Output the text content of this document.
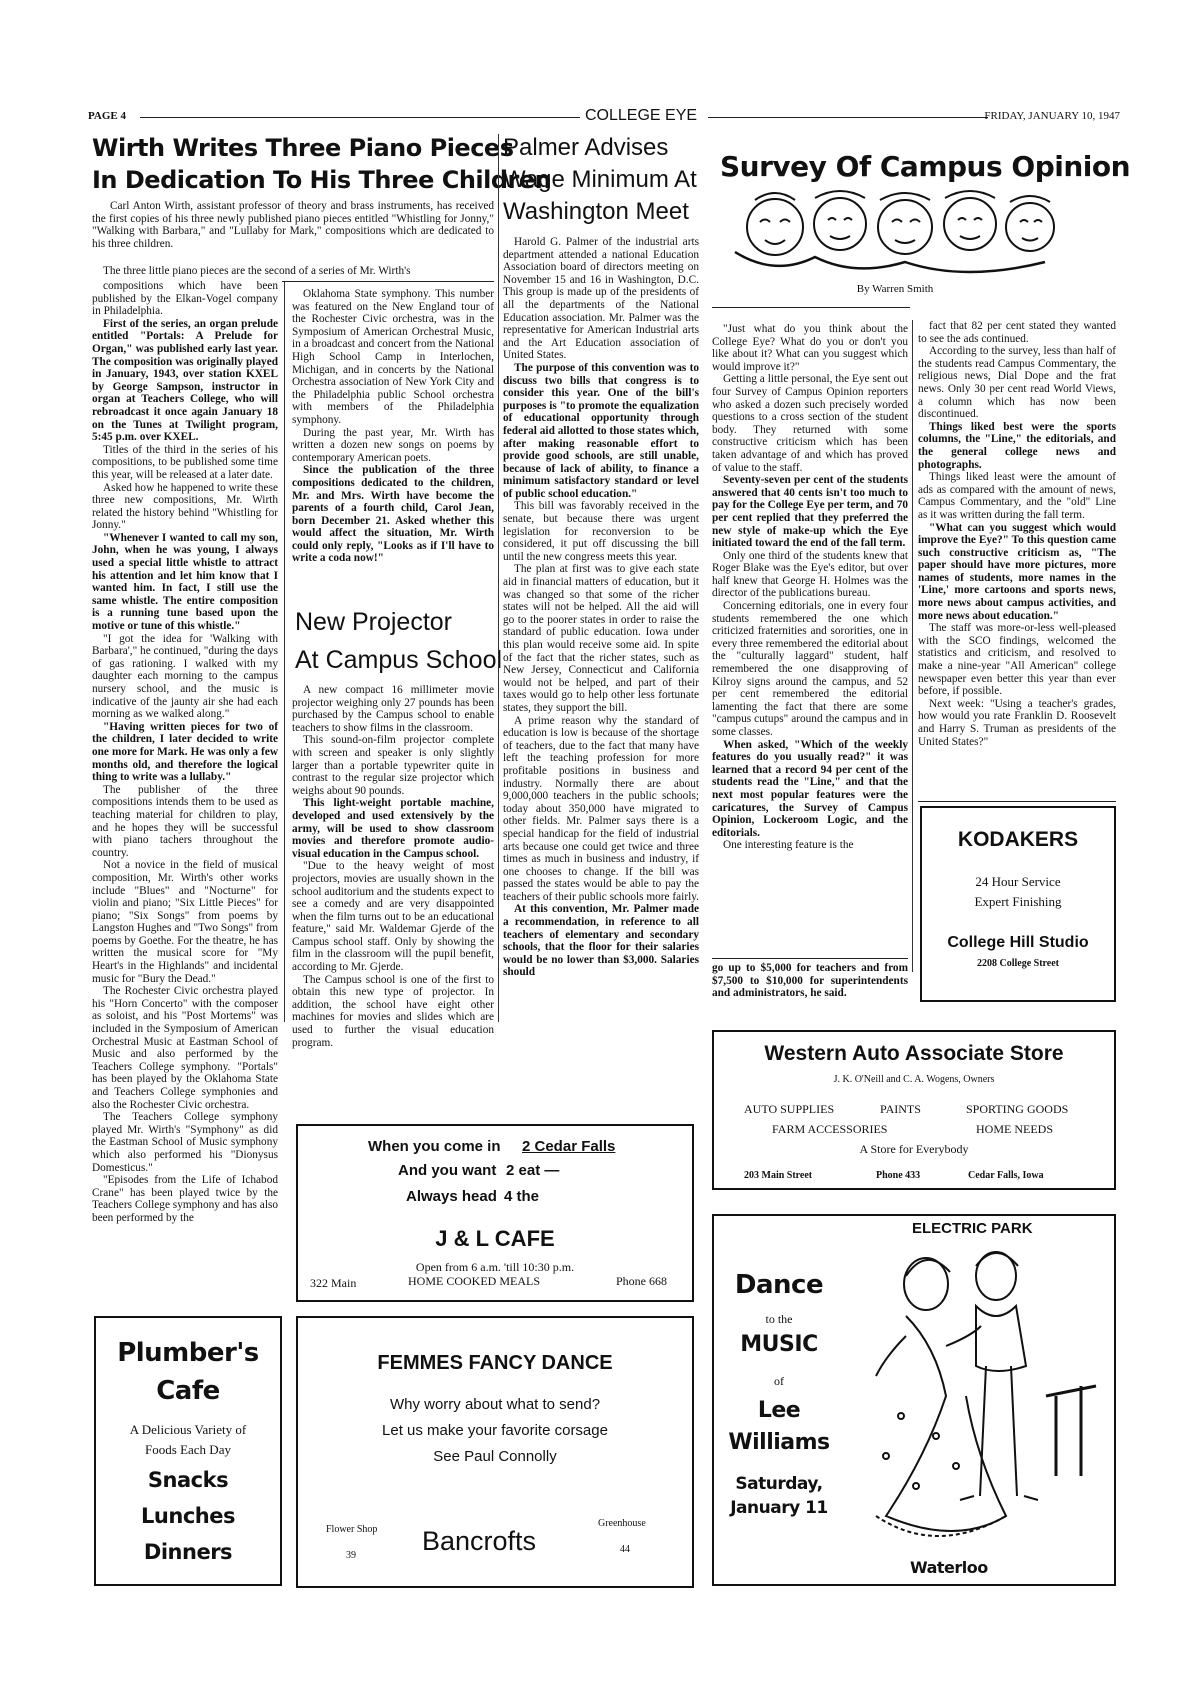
PAGE 4	COLLEGE EYE	FRIDAY, JANUARY 10, 1947
Wirth Writes Three Piano Pieces
In Dedication To His Three Children

Carl Anton Wirth, assistant professor of theory and brass instruments, has received the first copies of his three newly published piano pieces entitled "Whistling for Jonny," "Walking with Barbara," and "Lullaby for Mark," compositions which are dedicated to his three children.

The three little piano pieces are the second of a series of Mr. Wirth's

compositions which have been published by the Elkan-Vogel company in Philadelphia.

First of the series, an organ prelude entitled "Portals: A Prelude for Organ," was published early last year. The composition was originally played in January, 1943, over station KXEL by George Sampson, instructor in organ at Teachers College, who will rebroadcast it once again January 18 on the Tunes at Twilight program, 5:45 p.m. over KXEL.

Titles of the third in the series of his compositions, to be published some time this year, will be released at a later date.

Asked how he happened to write these three new compositions, Mr. Wirth related the history behind "Whistling for Jonny."

"Whenever I wanted to call my son, John, when he was young, I always used a special little whistle to attract his attention and let him know that I wanted him. In fact, I still use the same whistle. The entire composition is a running tune based upon the motive or tune of this whistle."

"I got the idea for 'Walking with Barbara'," he continued, "during the days of gas rationing. I walked with my daughter each morning to the campus nursery school, and the music is indicative of the jaunty air she had each morning as we walked along."

"Having written pieces for two of the children, I later decided to write one more for Mark. He was only a few months old, and therefore the logical thing to write was a lullaby."

The publisher of the three compositions intends them to be used as teaching material for children to play, and he hopes they will be successful with piano tachers throughout the country.

Not a novice in the field of musical composition, Mr. Wirth's other works include "Blues" and "Nocturne" for violin and piano; "Six Little Pieces" for piano; "Six Songs" from poems by Langston Hughes and "Two Songs" from poems by Goethe. For the theatre, he has written the musical score for "My Heart's in the Highlands" and incidental music for "Bury the Dead."

The Rochester Civic orchestra played his "Horn Concerto" with the composer as soloist, and his "Post Mortems" was included in the Symposium of American Orchestral Music at Eastman School of Music and also performed by the Teachers College symphony. "Portals" has been played by the Oklahoma State and Teachers College symphonies and also the Rochester Civic orchestra.

The Teachers College symphony played Mr. Wirth's "Symphony" as did the Eastman School of Music symphony which also performed his "Dionysus Domesticus."

"Episodes from the Life of Ichabod Crane" has been played twice by the Teachers College symphony and has also been performed by the

Oklahoma State symphony. This number was featured on the New England tour of the Rochester Civic orchestra, was in the Symposium of American Orchestral Music, in a broadcast and concert from the National High School Camp in Interlochen, Michigan, and in concerts by the National Orchestra association of New York City and the Philadelphia public School orchestra with members of the Philadelphia symphony.

During the past year, Mr. Wirth has written a dozen new songs on poems by contemporary American poets.

Since the publication of the three compositions dedicated to the children, Mr. and Mrs. Wirth have become the parents of a fourth child, Carol Jean, born December 21. Asked whether this would affect the situation, Mr. Wirth could only reply, "Looks as if I'll have to write a coda now!"

New Projector
At Campus School

A new compact 16 millimeter movie projector weighing only 27 pounds has been purchased by the Campus school to enable teachers to show films in the classroom.

This sound-on-film projector complete with screen and speaker is only slightly larger than a portable typewriter quite in contrast to the regular size projector which weighs about 90 pounds.

This light-weight portable machine, developed and used extensively by the army, will be used to show classroom movies and therefore promote audio-visual education in the Campus school.

"Due to the heavy weight of most projectors, movies are usually shown in the school auditorium and the students expect to see a comedy and are very disappointed when the film turns out to be an educational feature," said Mr. Waldemar Gjerde of the Campus school staff. Only by showing the film in the classroom will the pupil benefit, according to Mr. Gjerde.

The Campus school is one of the first to obtain this new type of projector. In addition, the school have eight other machines for movies and slides which are used to further the visual education program.

Palmer Advises
Wage Minimum At
Washington Meet

Harold G. Palmer of the industrial arts department attended a national Education Association board of directors meeting on November 15 and 16 in Washington, D.C. This group is made up of the presidents of all the departments of the National Education association. Mr. Palmer was the representative for American Industrial arts and the Art Education association of United States.

The purpose of this convention was to discuss two bills that congress is to consider this year. One of the bill's purposes is "to promote the equalization of educational opportunity through federal aid allotted to those states which, after making reasonable effort to provide good schools, are still unable, because of lack of ability, to finance a minimum satisfactory standard or level of public school education."

This bill was favorably received in the senate, but because there was urgent legislation for reconversion to be considered, it put off discussing the bill until the new congress meets this year.

The plan at first was to give each state aid in financial matters of education, but it was changed so that some of the richer states will not be helped. All the aid will go to the poorer states in order to raise the standard of public education. Iowa under this plan would receive some aid. In spite of the fact that the richer states, such as New Jersey, Connecticut and California would not be helped, and part of their taxes would go to help other less fortunate states, they support the bill.

A prime reason why the standard of education is low is because of the shortage of teachers, due to the fact that many have left the teaching profession for more profitable positions in business and industry. Normally there are about 9,000,000 teachers in the public schools; today about 350,000 have migrated to other fields. Mr. Palmer says there is a special handicap for the field of industrial arts because one could get twice and three times as much in business and industry, if one chooses to change. If the bill was passed the states would be able to pay the teachers of their public schools more fairly.

At this convention, Mr. Palmer made a recommendation, in reference to all teachers of elementary and secondary schools, that the floor for their salaries would be no lower than $3,000. Salaries should

Survey Of Campus Opinion
By Warren Smith

"Just what do you think about the College Eye? What do you or don't you like about it? What can you suggest which would improve it?"

Getting a little personal, the Eye sent out four Survey of Campus Opinion reporters who asked a dozen such precisely worded questions to a cross section of the student body. They returned with some constructive criticism which has been taken advantage of and which has proved of value to the staff.

Seventy-seven per cent of the students answered that 40 cents isn't too much to pay for the College Eye per term, and 70 per cent replied that they preferred the new style of make-up which the Eye initiated toward the end of the fall term.

Only one third of the students knew that Roger Blake was the Eye's editor, but over half knew that George H. Holmes was the director of the publications bureau.

Concerning editorials, one in every four students remembered the one which criticized fraternities and sororities, one in every three remembered the editorial about the "culturally laggard" student, half remembered the one disapproving of Kilroy signs around the campus, and 52 per cent remembered the editorial lamenting the fact that there are some "campus cutups" around the campus and in some classes.

When asked, "Which of the weekly features do you usually read?" it was learned that a record 94 per cent of the students read the "Line," and that the next most popular features were the caricatures, the Survey of Campus Opinion, Lockeroom Logic, and the editorials.

One interesting feature is the

fact that 82 per cent stated they wanted to see the ads continued.

According to the survey, less than half of the students read Campus Commentary, the religious news, Dial Dope and the frat news. Only 30 per cent read World Views, a column which has now been discontinued.

Things liked best were the sports columns, the "Line," the editorials, and the general college news and photographs.

Things liked least were the amount of ads as compared with the amount of news, Campus Commentary, and the "old" Line as it was written during the fall term.

"What can you suggest which would improve the Eye?" To this question came such constructive criticism as, "The paper should have more pictures, more names of students, more names in the 'Line,' more cartoons and sports news, more news about campus activities, and more news about education."

The staff was more-or-less well-pleased with the SCO findings, welcomed the statistics and criticism, and resolved to make a nine-year "All American" college newspaper even better this year than ever before, if possible.

Next week: "Using a teacher's grades, how would you rate Franklin D. Roosevelt and Harry S. Truman as presidents of the United States?"

go up to $5,000 for teachers and from $7,500 to $10,000 for superintendents and administrators, he said.

KODAKERS
24 Hour Service
Expert Finishing
College Hill Studio
2208 College Street
Western Auto Associate Store
J. K. O'Neill and C. A. Wogens, Owners
AUTO SUPPLIES	PAINTS	SPORTING GOODS
FARM ACCESSORIES	HOME NEEDS
A Store for Everybody
203 Main Street	Phone 433	Cedar Falls, Iowa
When you come in 2 Cedar Falls
And you want 2 eat —
Always head 4 the
J & L CAFE
Open from 6 a.m. 'till 10:30 p.m.
322 Main	HOME COOKED MEALS	Phone 668
Plumber's
Cafe
A Delicious Variety of
Foods Each Day
Snacks
Lunches
Dinners
FEMMES FANCY DANCE
Why worry about what to send?
Let us make your favorite corsage
See Paul Connolly
Flower Shop
39 Bancrofts
Greenhouse
44
ELECTRIC PARK
Dance
to the
MUSIC
of
Lee
Williams
Saturday,
January 11
Waterloo
